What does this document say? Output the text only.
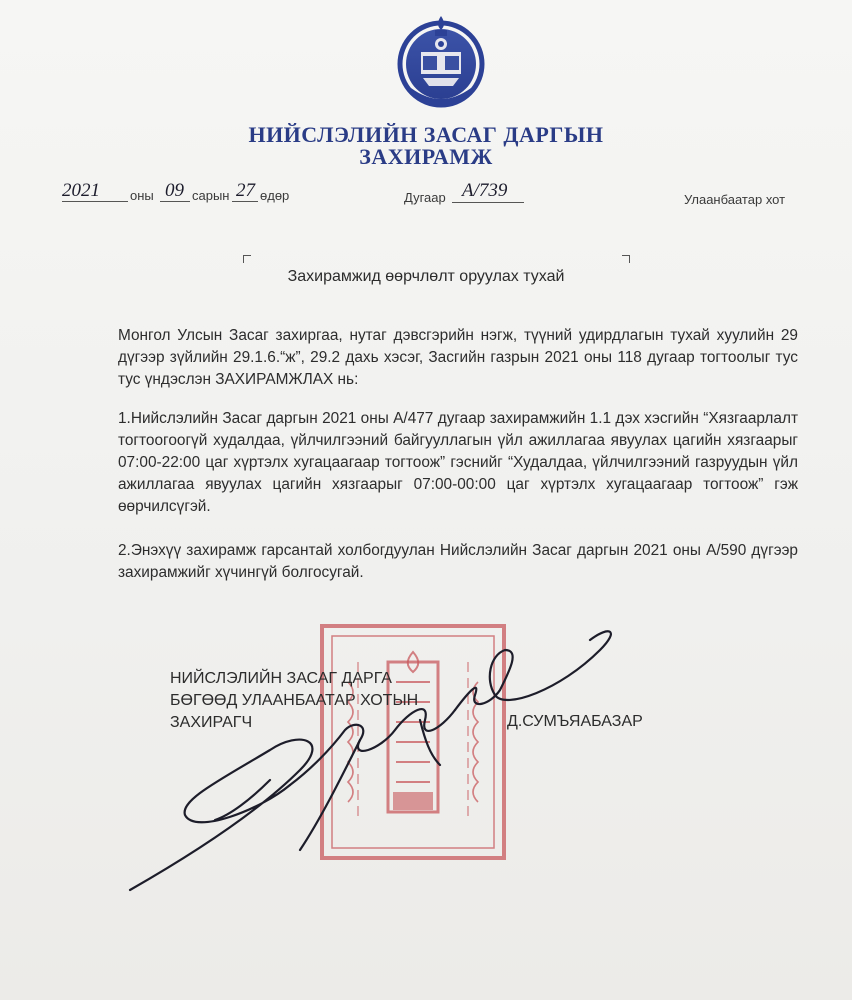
НИЙСЛЭЛИЙН ЗАСАГ ДАРГЫН
ЗАХИРАМЖ
2021 оны 09 сарын 27 өдөр	Дугаар А/739	Улаанбаатар хот
Захирамжид өөрчлөлт оруулах тухай
Монгол Улсын Засаг захиргаа, нутаг дэвсгэрийн нэгж, түүний удирдлагын тухай хуулийн 29 дүгээр зүйлийн 29.1.6.“ж”, 29.2 дахь хэсэг, Засгийн газрын 2021 оны 118 дугаар тогтоолыг тус тус үндэслэн ЗАХИРАМЖЛАХ нь:
1.Нийслэлийн Засаг даргын 2021 оны А/477 дугаар захирамжийн 1.1 дэх хэсгийн “Хязгаарлалт тогтоогоогүй худалдаа, үйлчилгээний байгууллагын үйл ажиллагаа явуулах цагийн хязгаарыг 07:00-22:00 цаг хүртэлх хугацаагаар тогтоож” гэснийг “Худалдаа, үйлчилгээний газруудын үйл ажиллагаа явуулах цагийн хязгаарыг 07:00-00:00 цаг хүртэлх хугацаагаар тогтоож” гэж өөрчилсүгэй.
2.Энэхүү захирамж гарсантай холбогдуулан Нийслэлийн Засаг даргын 2021 оны А/590 дүгээр захирамжийг хүчингүй болгосугай.
НИЙСЛЭЛИЙН ЗАСАГ ДАРГА
БӨГӨӨД УЛААНБААТАР ХОТЫН
ЗАХИРАГЧ	Д.СУМЪЯАБАЗАР
